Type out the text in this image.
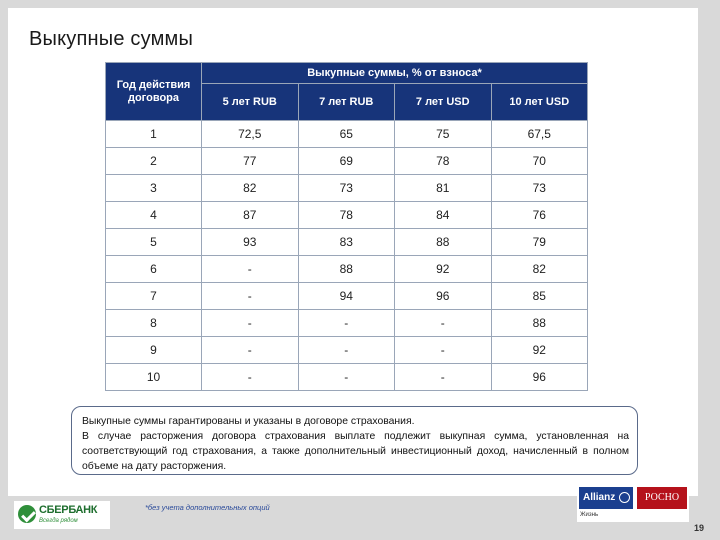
Выкупные суммы
Год действия договора	Выкупные суммы, % от взноса*			
	5 лет RUB	7 лет RUB	7 лет USD	10 лет USD
1	72,5	65	75	67,5
2	77	69	78	70
3	82	73	81	73
4	87	78	84	76
5	93	83	88	79
6	-	88	92	82
7	-	94	96	85
8	-	-	-	88
9	-	-	-	92
10	-	-	-	96

Выкупные суммы гарантированы и указаны в договоре страхования.

В случае расторжения договора страхования выплате подлежит выкупная сумма, установленная на соответствующий год страхования, а также дополнительный инвестиционный доход, начисленный в полном объеме на дату расторжения.

СБЕРБАНК
Всегда рядом
*без учета дополнительных опций
Allianz	РОСНО
Жизнь
19
